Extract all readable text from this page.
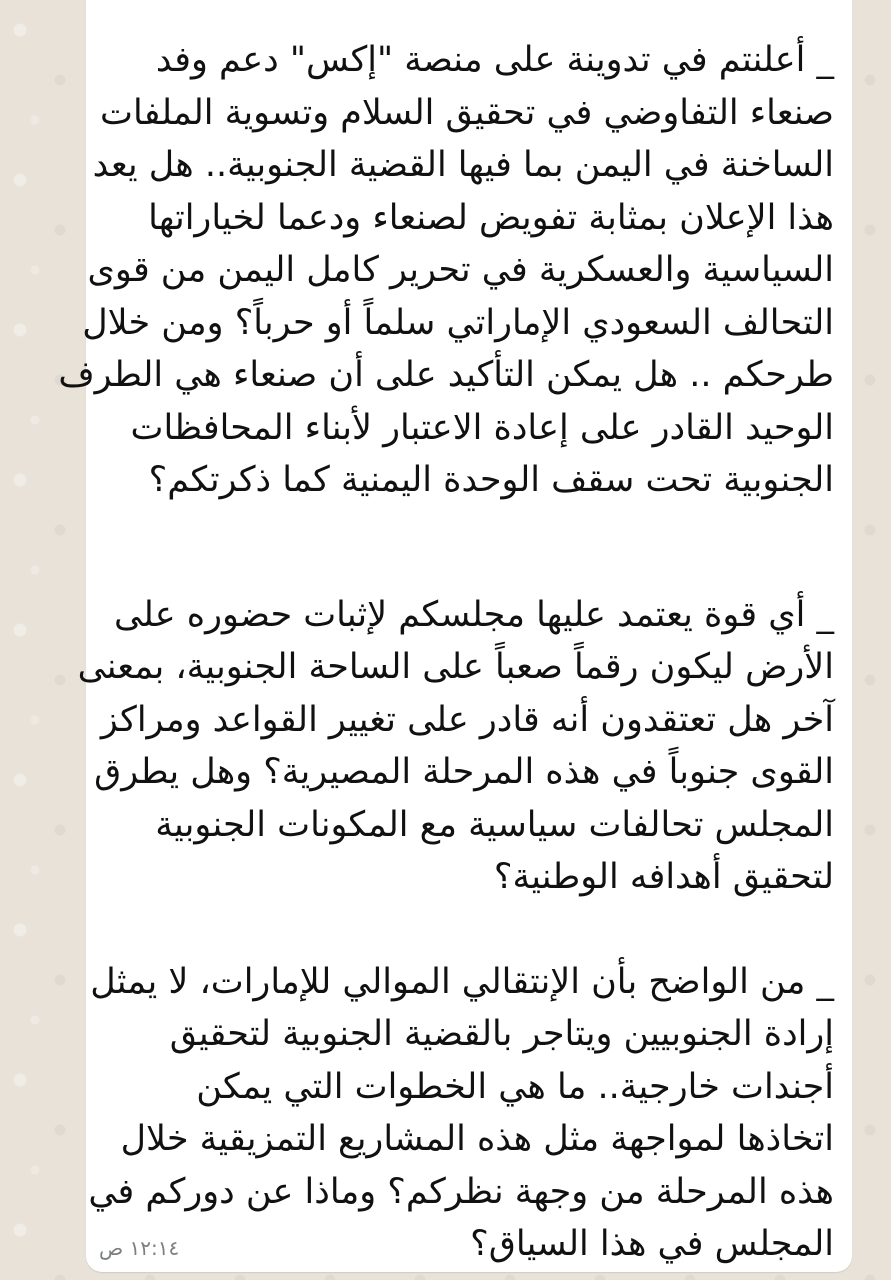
_ أعلنتم في تدوينة على منصة "إكس" دعم وفد
صنعاء التفاوضي في تحقيق السلام وتسوية الملفات
الساخنة في اليمن بما فيها القضية الجنوبية.. هل يعد
هذا الإعلان بمثابة تفويض لصنعاء ودعما لخياراتها
السياسية والعسكرية في تحرير كامل اليمن من قوى
التحالف السعودي الإماراتي سلماً أو حرباً؟ ومن خلال
طرحكم .. هل يمكن التأكيد على أن صنعاء هي الطرف
الوحيد القادر على إعادة الاعتبار لأبناء المحافظات
الجنوبية تحت سقف الوحدة اليمنية كما ذكرتكم؟
_ أي قوة يعتمد عليها مجلسكم لإثبات حضوره على
الأرض ليكون رقماً صعباً على الساحة الجنوبية، بمعنى
آخر هل تعتقدون أنه قادر على تغيير القواعد ومراكز
القوى جنوباً في هذه المرحلة المصيرية؟ وهل يطرق
المجلس تحالفات سياسية مع المكونات الجنوبية
لتحقيق أهدافه الوطنية؟
_ من الواضح بأن الإنتقالي الموالي للإمارات، لا يمثل
إرادة الجنوبيين ويتاجر بالقضية الجنوبية لتحقيق
أجندات خارجية.. ما هي الخطوات التي يمكن
اتخاذها لمواجهة مثل هذه المشاريع التمزيقية خلال
هذه المرحلة من وجهة نظركم؟ وماذا عن دوركم في
المجلس في هذا السياق؟
١٢:١٤ ص
